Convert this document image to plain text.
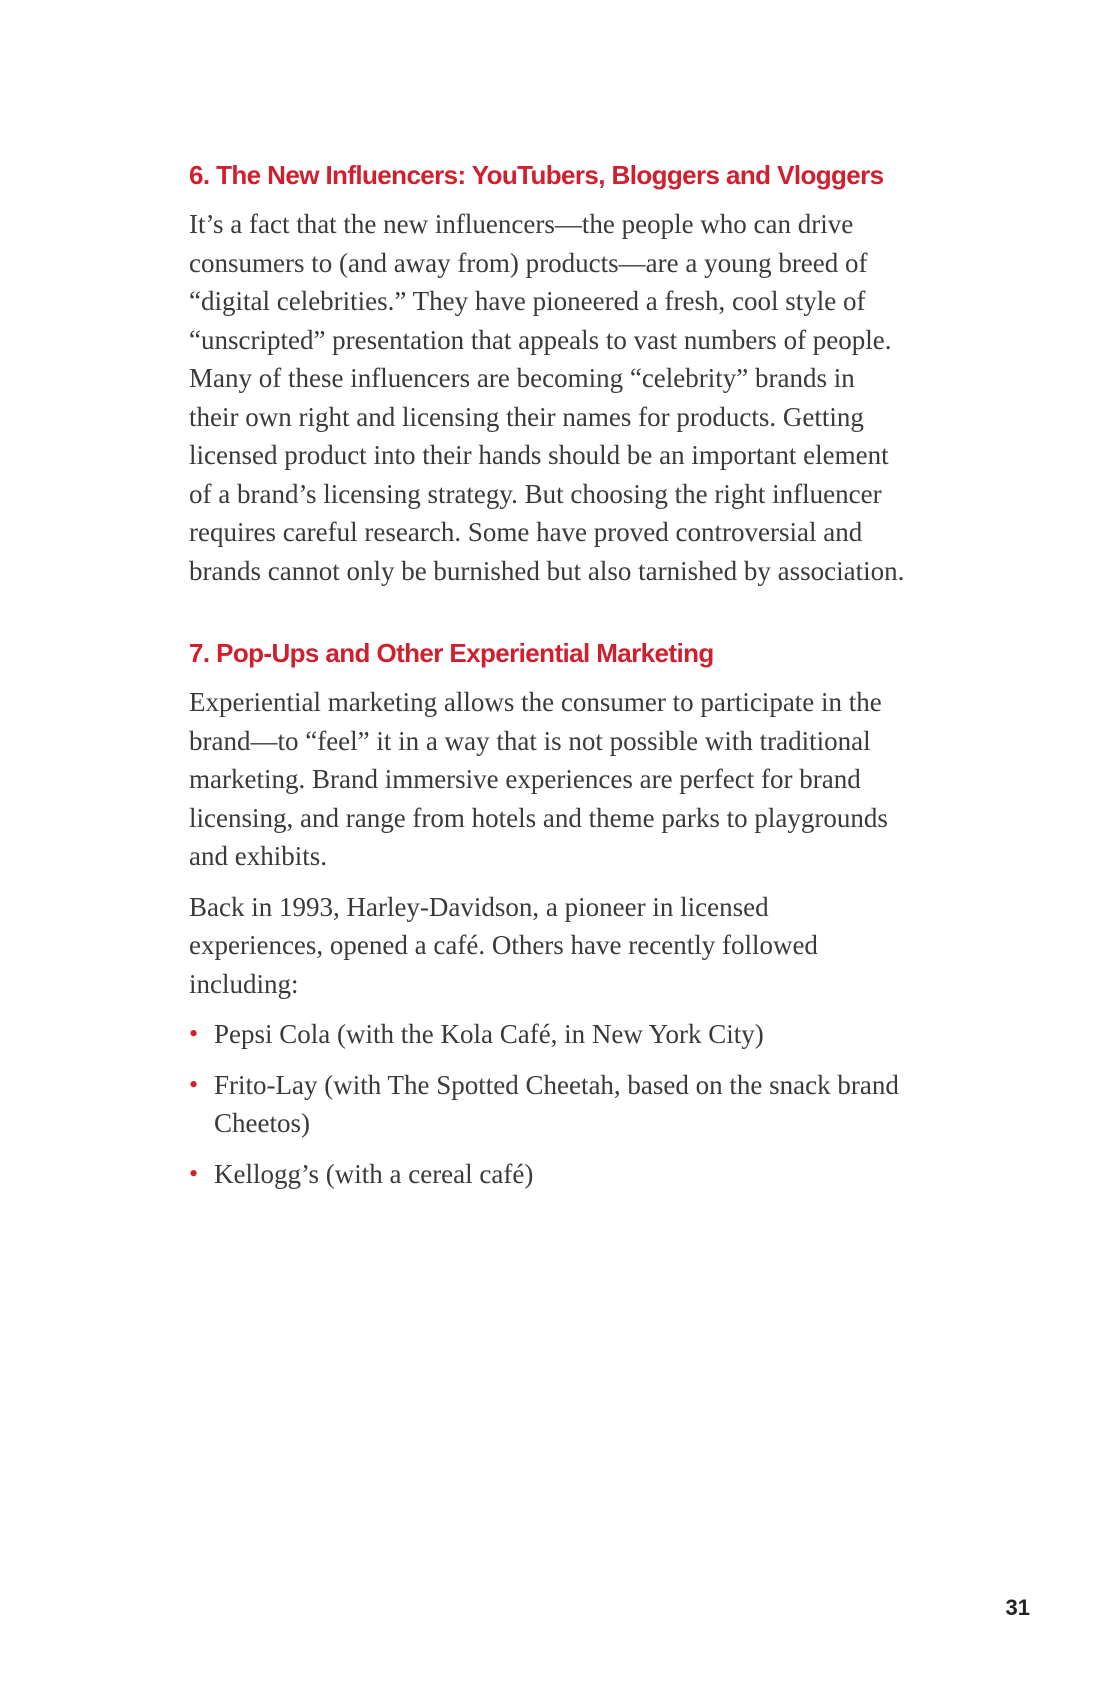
6. The New Influencers: YouTubers, Bloggers and Vloggers

It’s a fact that the new influencers—the people who can drive consumers to (and away from) products—are a young breed of “digital celebrities.” They have pioneered a fresh, cool style of “unscripted” presentation that appeals to vast numbers of people. Many of these influencers are becoming “celebrity” brands in their own right and licensing their names for products. Getting licensed product into their hands should be an important element of a brand’s licensing strategy. But choosing the right influencer requires careful research. Some have proved controversial and brands cannot only be burnished but also tarnished by association.

7. Pop-Ups and Other Experiential Marketing

Experiential marketing allows the consumer to participate in the brand—to “feel” it in a way that is not possible with traditional marketing. Brand immersive experiences are perfect for brand licensing, and range from hotels and theme parks to playgrounds and exhibits.

Back in 1993, Harley-Davidson, a pioneer in licensed experiences, opened a café. Others have recently followed including:

• Pepsi Cola (with the Kola Café, in New York City)
• Frito-Lay (with The Spotted Cheetah, based on the snack brand Cheetos)
• Kellogg’s (with a cereal café)
31
